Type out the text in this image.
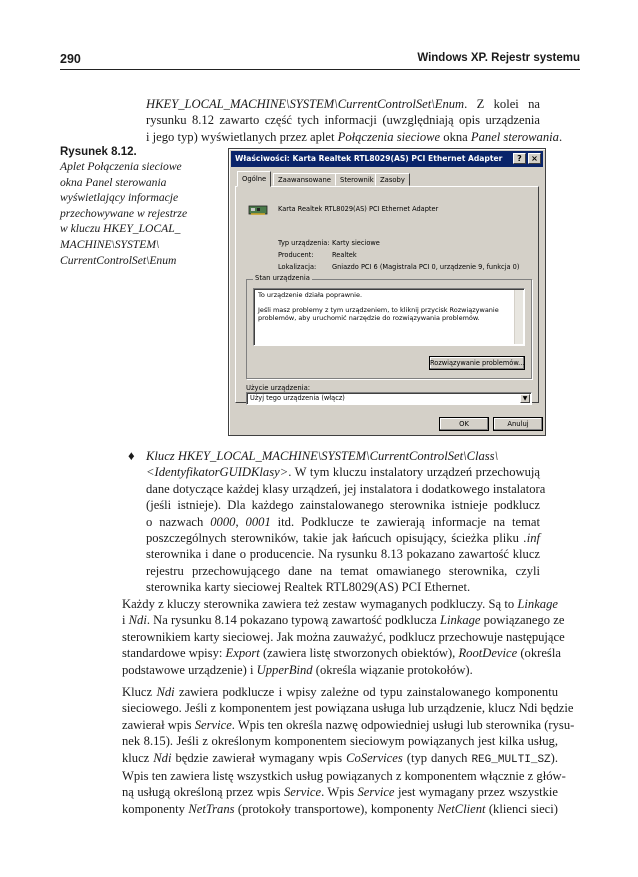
290	Windows XP. Rejestr systemu
HKEY_LOCAL_MACHINE\SYSTEM\CurrentControlSet\Enum. Z kolei na
rysunku 8.12 zawarto część tych informacji (uwzględniają opis urządzenia
i jego typ) wyświetlanych przez aplet Połączenia sieciowe okna Panel sterowania.
Rysunek 8.12.
Aplet Połączenia sieciowe
okna Panel sterowania
wyświetlający informacje
przechowywane w rejestrze
w kluczu HKEY_LOCAL_
MACHINE\SYSTEM\
CurrentControlSet\Enum
Właściwości: Karta Realtek RTL8029(AS) PCI Ethernet Adapter	?	×
Ogólne	Zaawansowane	Sterownik Zasoby
Karta Realtek RTL8029(AS) PCI Ethernet Adapter
Typ urządzenia: Karty sieciowe
Producent:	Realtek
Lokalizacja: Gniazdo PCI 6 (Magistrala PCI 0, urządzenie 9, funkcja 0)
Stan urządzenia
To urządzenie działa poprawnie.
Jeśli masz problemy z tym urządzeniem, to kliknij przycisk Rozwiązywanie
problemów, aby uruchomić narzędzie do rozwiązywania problemów.
Rozwiązywanie problemów...
Użycie urządzenia:
Użyj tego urządzenia (włącz)	▼
OK	Anuluj
♦ Klucz HKEY_LOCAL_MACHINE\SYSTEM\CurrentControlSet\Class\
<IdentyfikatorGUIDKlasy>. W tym kluczu instalatory urządzeń przechowują
dane dotyczące każdej klasy urządzeń, jej instalatora i dodatkowego instalatora
(jeśli istnieje). Dla każdego zainstalowanego sterownika istnieje podklucz
o nazwach 0000, 0001 itd. Podklucze te zawierają informacje na temat
poszczególnych sterowników, takie jak łańcuch opisujący, ścieżka pliku .inf
sterownika i dane o producencie. Na rysunku 8.13 pokazano zawartość klucz
rejestru przechowującego dane na temat omawianego sterownika, czyli
sterownika karty sieciowej Realtek RTL8029(AS) PCI Ethernet.
Każdy z kluczy sterownika zawiera też zestaw wymaganych podkluczy. Są to Linkage
i Ndi. Na rysunku 8.14 pokazano typową zawartość podklucza Linkage powiązanego ze
sterownikiem karty sieciowej. Jak można zauważyć, podklucz przechowuje następujące
standardowe wpisy: Export (zawiera listę stworzonych obiektów), RootDevice (określa
podstawowe urządzenie) i UpperBind (określa wiązanie protokołów).
Klucz Ndi zawiera podklucze i wpisy zależne od typu zainstalowanego komponentu
sieciowego. Jeśli z komponentem jest powiązana usługa lub urządzenie, klucz Ndi będzie
zawierał wpis Service. Wpis ten określa nazwę odpowiedniej usługi lub sterownika (rysu-
nek 8.15). Jeśli z określonym komponentem sieciowym powiązanych jest kilka usług,
klucz Ndi będzie zawierał wymagany wpis CoServices (typ danych REG_MULTI_SZ).
Wpis ten zawiera listę wszystkich usług powiązanych z komponentem włącznie z głów-
ną usługą określoną przez wpis Service. Wpis Service jest wymagany przez wszystkie
komponenty NetTrans (protokoły transportowe), komponenty NetClient (klienci sieci)
